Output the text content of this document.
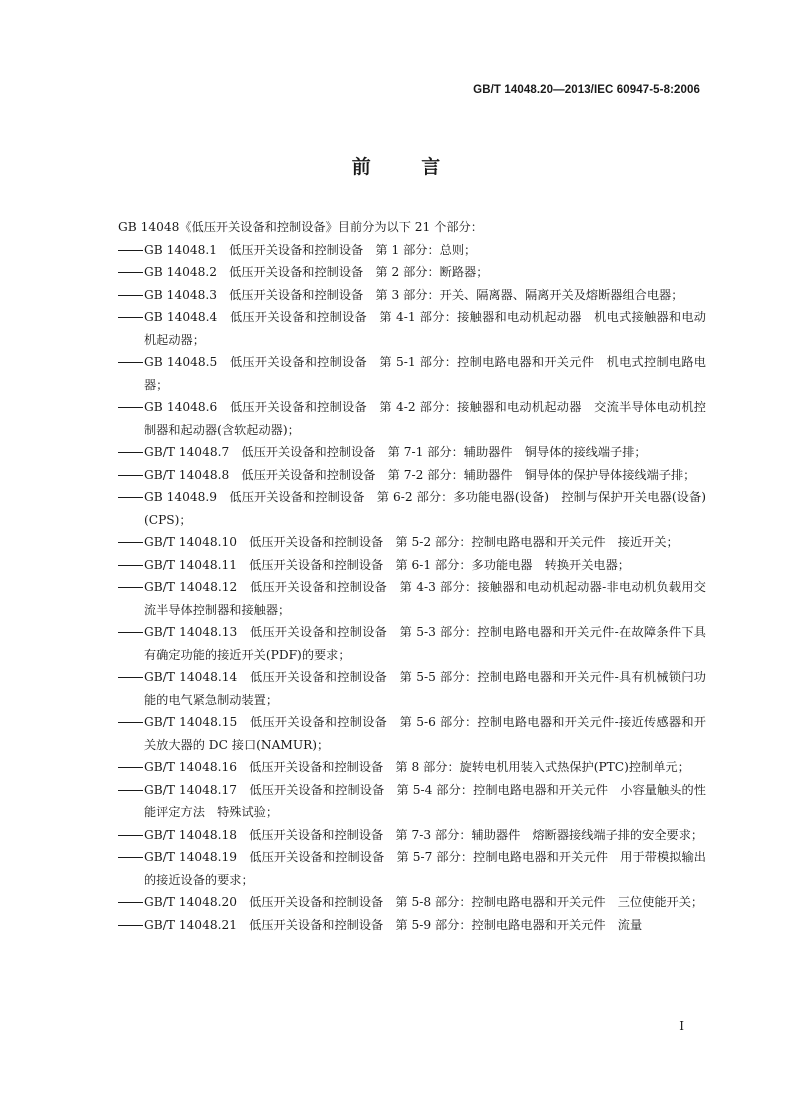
GB/T 14048.20—2013/IEC 60947-5-8:2006
前 言

GB 14048《低压开关设备和控制设备》目前分为以下 21 个部分：

GB 14048.1　低压开关设备和控制设备　第 1 部分：总则；
GB 14048.2　低压开关设备和控制设备　第 2 部分：断路器；
GB 14048.3　低压开关设备和控制设备　第 3 部分：开关、隔离器、隔离开关及熔断器组合电器；
GB 14048.4　低压开关设备和控制设备　第 4-1 部分：接触器和电动机起动器　机电式接触器和电动机起动器；
GB 14048.5　低压开关设备和控制设备　第 5-1 部分：控制电路电器和开关元件　机电式控制电路电器；
GB 14048.6　低压开关设备和控制设备　第 4-2 部分：接触器和电动机起动器　交流半导体电动机控制器和起动器(含软起动器)；
GB/T 14048.7　低压开关设备和控制设备　第 7-1 部分：辅助器件　铜导体的接线端子排；
GB/T 14048.8　低压开关设备和控制设备　第 7-2 部分：辅助器件　铜导体的保护导体接线端子排；
GB 14048.9　低压开关设备和控制设备　第 6-2 部分：多功能电器(设备)　控制与保护开关电器(设备)(CPS)；
GB/T 14048.10　低压开关设备和控制设备　第 5-2 部分：控制电路电器和开关元件　接近开关；
GB/T 14048.11　低压开关设备和控制设备　第 6-1 部分：多功能电器　转换开关电器；
GB/T 14048.12　低压开关设备和控制设备　第 4-3 部分：接触器和电动机起动器-非电动机负载用交流半导体控制器和接触器；
GB/T 14048.13　低压开关设备和控制设备　第 5-3 部分：控制电路电器和开关元件-在故障条件下具有确定功能的接近开关(PDF)的要求；
GB/T 14048.14　低压开关设备和控制设备　第 5-5 部分：控制电路电器和开关元件-具有机械锁闩功能的电气紧急制动装置；
GB/T 14048.15　低压开关设备和控制设备　第 5-6 部分：控制电路电器和开关元件-接近传感器和开关放大器的 DC 接口(NAMUR)；
GB/T 14048.16　低压开关设备和控制设备　第 8 部分：旋转电机用装入式热保护(PTC)控制单元；
GB/T 14048.17　低压开关设备和控制设备　第 5-4 部分：控制电路电器和开关元件　小容量触头的性能评定方法　特殊试验；
GB/T 14048.18　低压开关设备和控制设备　第 7-3 部分：辅助器件　熔断器接线端子排的安全要求；
GB/T 14048.19　低压开关设备和控制设备　第 5-7 部分：控制电路电器和开关元件　用于带模拟输出的接近设备的要求；
GB/T 14048.20　低压开关设备和控制设备　第 5-8 部分：控制电路电器和开关元件　三位使能开关；
GB/T 14048.21　低压开关设备和控制设备　第 5-9 部分：控制电路电器和开关元件　流量
I
